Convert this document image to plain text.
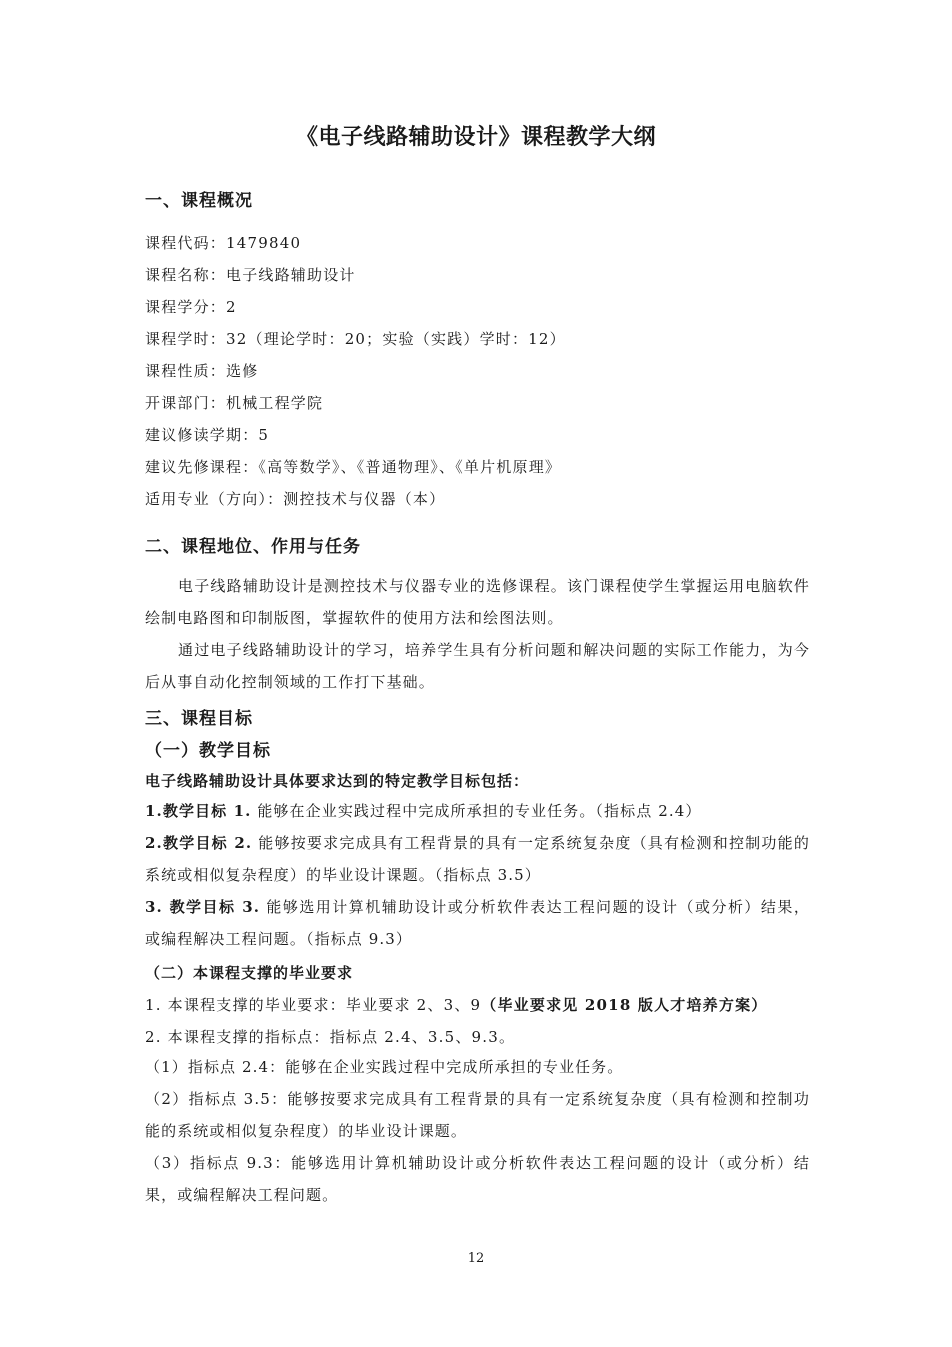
《电子线路辅助设计》课程教学大纲
一、课程概况
课程代码：1479840
课程名称：电子线路辅助设计
课程学分：2
课程学时：32（理论学时：20；实验（实践）学时：12）
课程性质：选修
开课部门：机械工程学院
建议修读学期：5
建议先修课程：《高等数学》、《普通物理》、《单片机原理》
适用专业（方向）：测控技术与仪器（本）
二、课程地位、作用与任务
电子线路辅助设计是测控技术与仪器专业的选修课程。该门课程使学生掌握运用电脑软件绘制电路图和印制版图，掌握软件的使用方法和绘图法则。
通过电子线路辅助设计的学习，培养学生具有分析问题和解决问题的实际工作能力，为今后从事自动化控制领域的工作打下基础。
三、课程目标
（一）教学目标
电子线路辅助设计具体要求达到的特定教学目标包括：
1.教学目标 1. 能够在企业实践过程中完成所承担的专业任务。（指标点 2.4）
2.教学目标 2. 能够按要求完成具有工程背景的具有一定系统复杂度（具有检测和控制功能的系统或相似复杂程度）的毕业设计课题。（指标点 3.5）
3. 教学目标 3. 能够选用计算机辅助设计或分析软件表达工程问题的设计（或分析）结果，或编程解决工程问题。（指标点 9.3）
（二）本课程支撑的毕业要求
1. 本课程支撑的毕业要求：毕业要求 2、3、9（毕业要求见 2018 版人才培养方案）
2. 本课程支撑的指标点：指标点 2.4、3.5、9.3。
（1）指标点 2.4：能够在企业实践过程中完成所承担的专业任务。
（2）指标点 3.5：能够按要求完成具有工程背景的具有一定系统复杂度（具有检测和控制功能的系统或相似复杂程度）的毕业设计课题。
（3）指标点 9.3：能够选用计算机辅助设计或分析软件表达工程问题的设计（或分析）结果，或编程解决工程问题。
12
